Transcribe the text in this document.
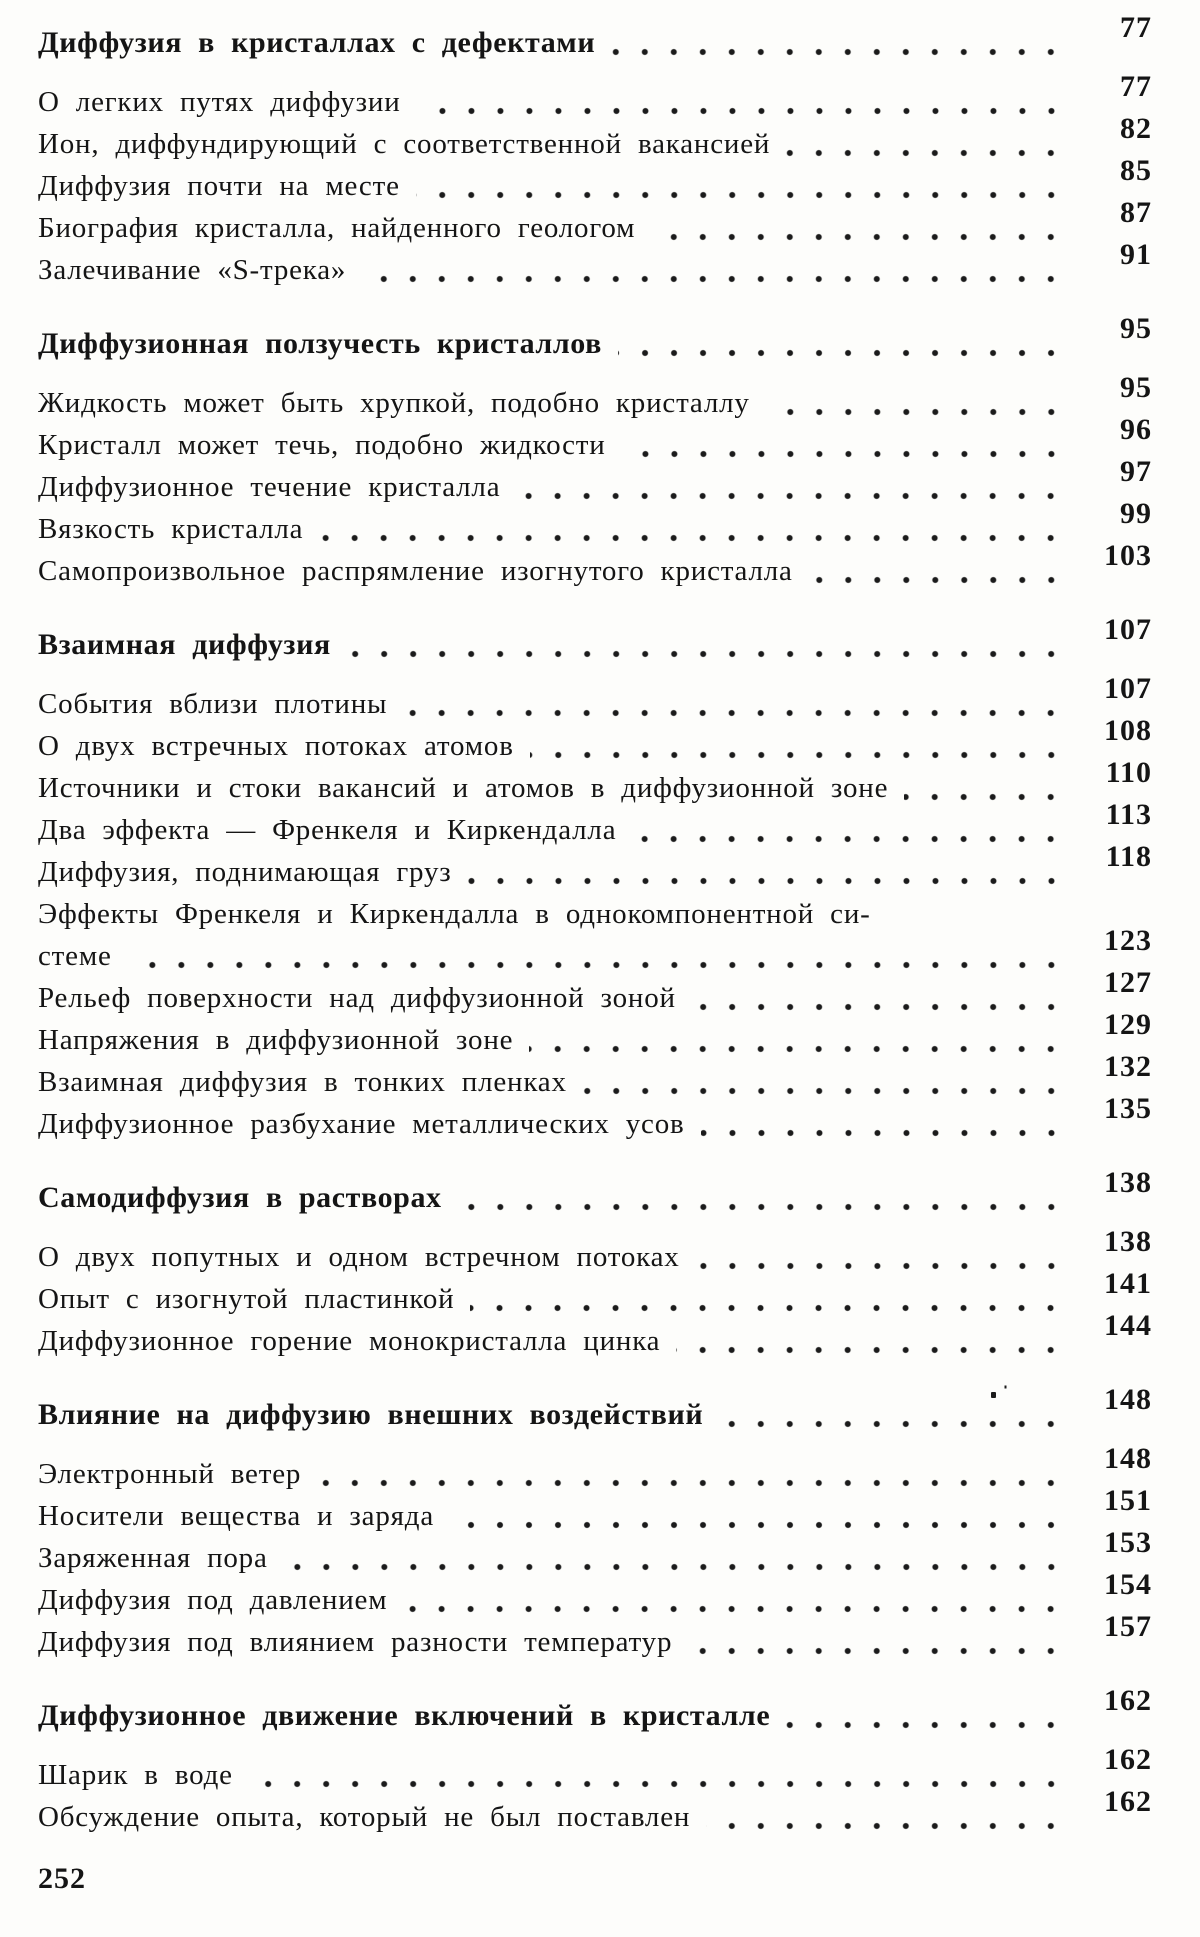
Диффузия в кристаллах с дефектами	77
О легких путях диффузии	77
Ион, диффундирующий с соответственной вакансией	82
Диффузия почти на месте	85
Биография кристалла, найденного геологом	87
Залечивание «S-трека»	91
Диффузионная ползучесть кристаллов	95
Жидкость может быть хрупкой, подобно кристаллу	95
Кристалл может течь, подобно жидкости	96
Диффузионное течение кристалла	97
Вязкость кристалла	99
Самопроизвольное распрямление изогнутого кристалла	103
Взаимная диффузия	107
События вблизи плотины	107
О двух встречных потоках атомов	108
Источники и стоки вакансий и атомов в диффузионной зоне	110
Два эффекта — Френкеля и Киркендалла	113
Диффузия, поднимающая груз	118
Эффекты Френкеля и Киркендалла в однокомпонентной си-
стеме	123
Рельеф поверхности над диффузионной зоной	127
Напряжения в диффузионной зоне	129
Взаимная диффузия в тонких пленках	132
Диффузионное разбухание металлических усов	135
Самодиффузия в растворах	138
О двух попутных и одном встречном потоках	138
Опыт с изогнутой пластинкой	141
Диффузионное горение монокристалла цинка	144
Влияние на диффузию внешних воздействий	148
Электронный ветер	148
Носители вещества и заряда	151
Заряженная пора	153
Диффузия под давлением	154
Диффузия под влиянием разности температур	157
Диффузионное движение включений в кристалле	162
Шарик в воде	162
Обсуждение опыта, который не был поставлен	162
252
